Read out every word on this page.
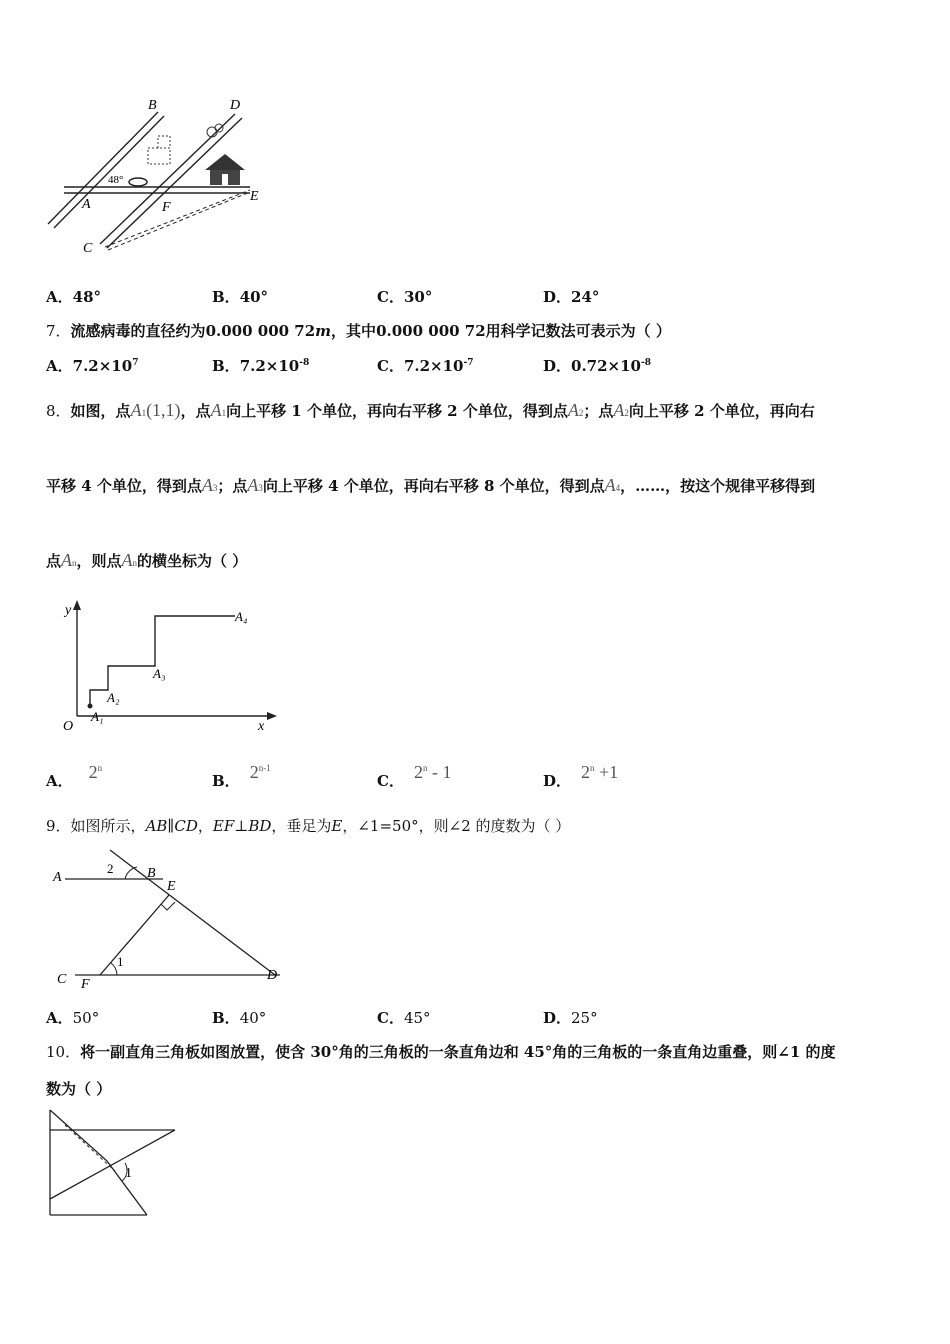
B	D
A	F
C
E
48°
A．48°	B．40°	C．30°	D．24°
7．流感病毒的直径约为0.000 000 72m，其中0.000 000 72用科学记数法可表示为（ ）
A．$7.2\times 10^7$	B．$7.2\times 10^{-8}$	C．$7.2\times 10^{-7}$	D．$0.72\times 10^{-8}$
8．如图，点A1(1,1)，点A1向上平移 1 个单位，再向右平移 2 个单位，得到点A2；点A2向上平移 2 个单位，再向右
平移 4 个单位，得到点A3；点A3向上平移 4 个单位，再向右平移 8 个单位，得到点A4，……，按这个规律平移得到
点An，则点An的横坐标为（ ）
y
x
O
A₁
A₂
A₃
A₄
A． 2$^n$
B． 2$^{n-1}$
C． 2$^n$ - 1	D． $2^n +1$
9．如图所示，AB∥CD，EF⊥BD，垂足为E，∠1=50°，则∠2 的度数为（ ）
A	B
E
C F
D
1
2
A．50°	B．40°	C．45°	D．25°
10．将一副直角三角板如图放置，使含 30°角的三角板的一条直角边和 45°角的三角板的一条直角边重叠，则∠1 的度
数为（ ）
1
